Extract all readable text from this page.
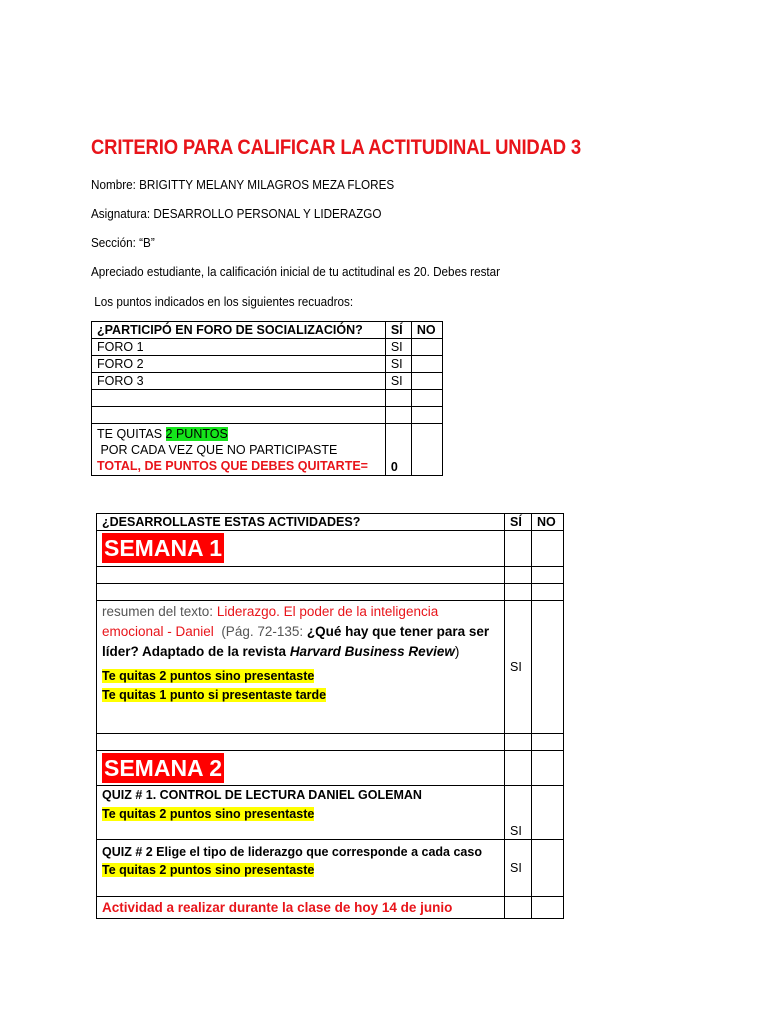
CRITERIO PARA CALIFICAR LA ACTITUDINAL UNIDAD 3
Nombre: BRIGITTY MELANY MILAGROS MEZA FLORES
Asignatura: DESARROLLO PERSONAL Y LIDERAZGO
Sección: “B”
Apreciado estudiante, la calificación inicial de tu actitudinal es 20. Debes restar
Los puntos indicados en los siguientes recuadros:
¿PARTICIPÓ EN FORO DE SOCIALIZACIÓN?	SÍ	NO
FORO 1	SI	
FORO 2	SI	
FORO 3	SI	

TE QUITAS 2 PUNTOS POR CADA VEZ QUE NO PARTICIPASTE
TOTAL, DE PUNTOS QUE DEBES QUITARTE=	0	
¿DESARROLLASTE ESTAS ACTIVIDADES?	SÍ	NO
SEMANA 1		

resumen del texto: Liderazgo. El poder de la inteligencia emocional - Daniel  (Pág. 72-135: ¿Qué hay que tener para ser líder? Adaptado de la revista Harvard Business Review)
Te quitas 2 puntos sino presentaste
Te quitas 1 punto si presentaste tarde	SI	

SEMANA 2		
QUIZ # 1. CONTROL DE LECTURA DANIEL GOLEMAN
Te quitas 2 puntos sino presentaste	SI	
QUIZ # 2 Elige el tipo de liderazgo que corresponde a cada caso
Te quitas 2 puntos sino presentaste	SI	
Actividad a realizar durante la clase de hoy 14 de junio		
